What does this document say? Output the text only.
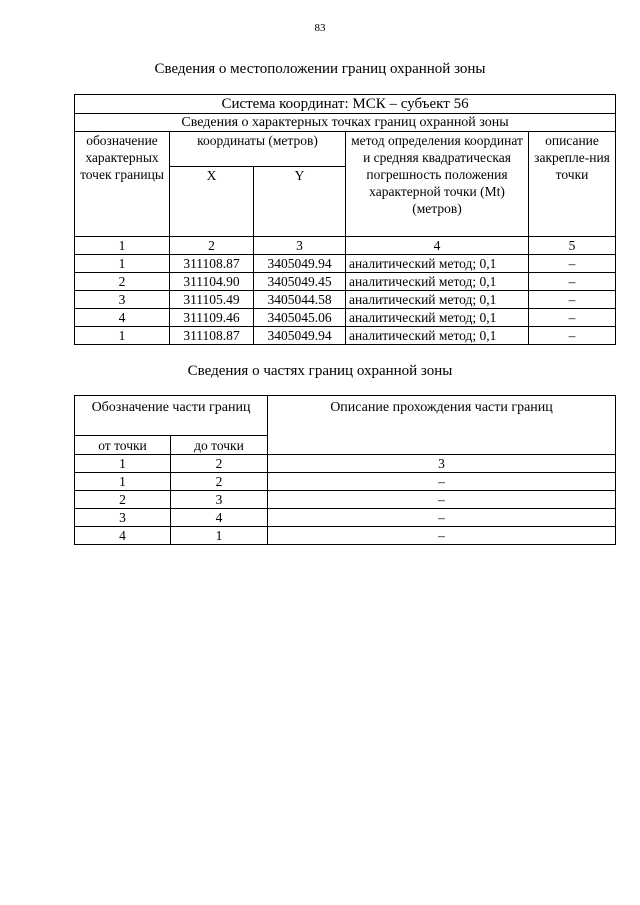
83
Сведения о местоположении границ охранной зоны
Система координат: МСК – субъект 56				
Сведения о характерных точках границ охранной зоны				
обозначение характерных точек границы	координаты (метров)		метод определения координат и средняя квадратическая погрешность положения характерной точки (Mt) (метров)	описание закрепле-ния точки
	X	Y		
1	2	3	4	5
1	311108.87	3405049.94	аналитический метод; 0,1	–
2	311104.90	3405049.45	аналитический метод; 0,1	–
3	311105.49	3405044.58	аналитический метод; 0,1	–
4	311109.46	3405045.06	аналитический метод; 0,1	–
1	311108.87	3405049.94	аналитический метод; 0,1	–
Сведения о частях границ охранной зоны
Обозначение части границ		Описание прохождения части границ
от точки	до точки	
1	2	3
1	2	–
2	3	–
3	4	–
4	1	–
